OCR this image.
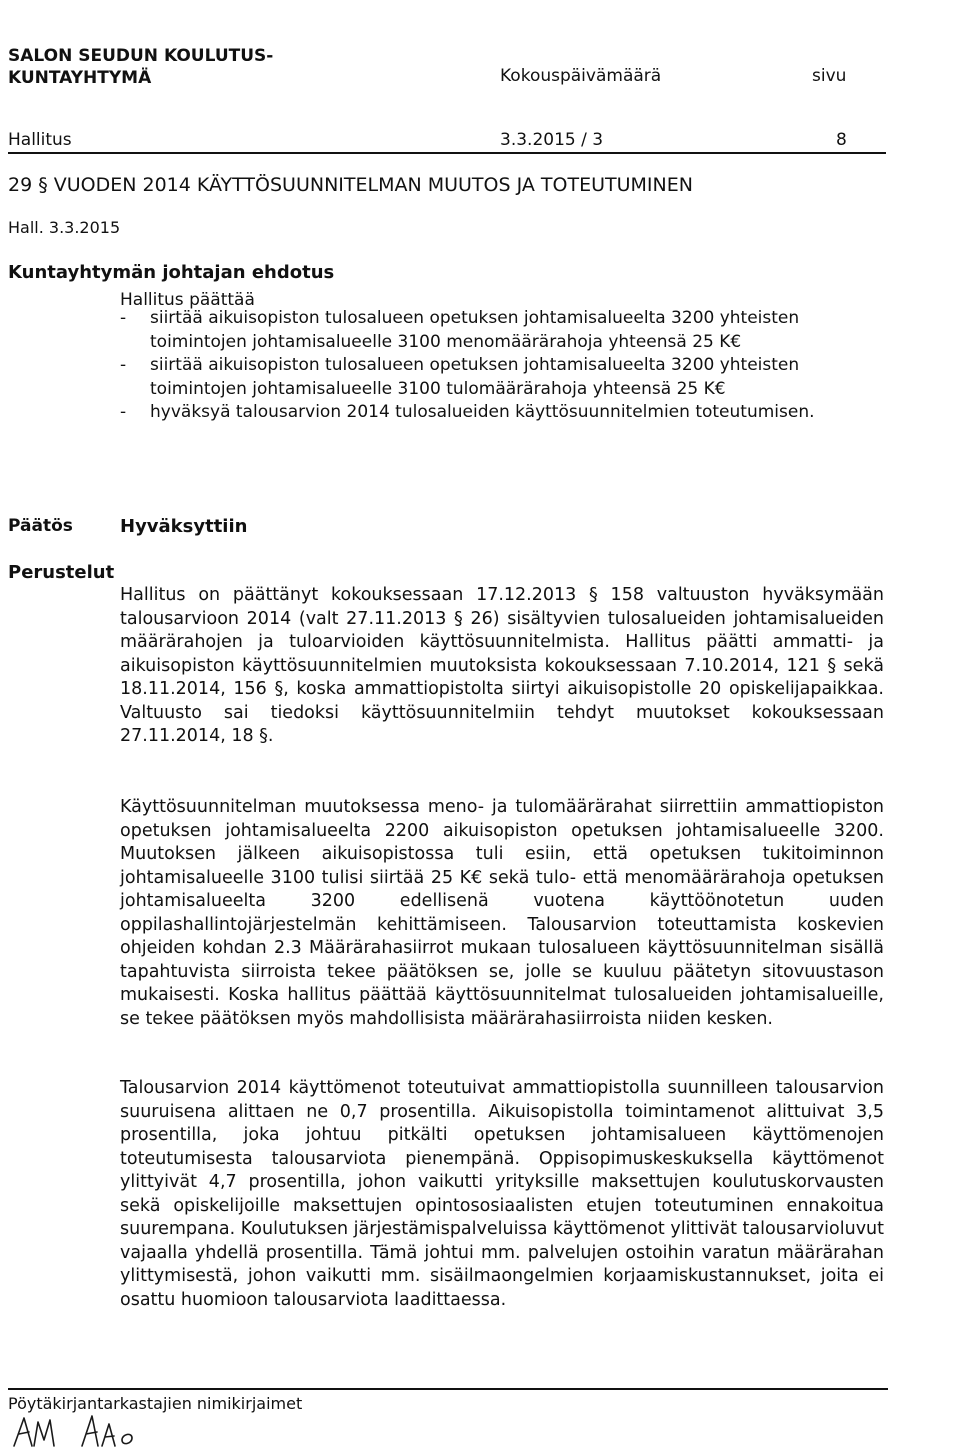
SALON SEUDUN KOULUTUS-
KUNTAYHTYMÄ	Kokouspäivämäärä	sivu
Hallitus	3.3.2015 / 3	8
29 § VUODEN 2014 KÄYTTÖSUUNNITELMAN MUUTOS JA TOTEUTUMINEN
Hall. 3.3.2015
Kuntayhtymän johtajan ehdotus
Hallitus päättää
- siirtää aikuisopiston tulosalueen opetuksen johtamisalueelta 3200 yhteisten toimintojen johtamisalueelle 3100 menomäärärahoja yhteensä 25 K€
- siirtää aikuisopiston tulosalueen opetuksen johtamisalueelta 3200 yhteisten toimintojen johtamisalueelle 3100 tulomäärärahoja yhteensä 25 K€
- hyväksyä talousarvion 2014 tulosalueiden käyttösuunnitelmien toteutumisen.
Päätös	Hyväksyttiin
Perustelut

Hallitus on päättänyt kokouksessaan 17.12.2013 § 158 valtuuston hyväksymään talousarvioon 2014 (valt 27.11.2013 § 26) sisältyvien tulosalueiden johtamisalueiden määrärahojen ja tuloarvioiden käyttösuunnitelmista. Hallitus päätti ammatti- ja aikuisopiston käyttösuunnitelmien muutoksista kokouksessaan 7.10.2014, 121 § sekä 18.11.2014, 156 §, koska ammattiopistolta siirtyi aikuisopistolle 20 opiskelijapaikkaa. Valtuusto sai tiedoksi käyttösuunnitelmiin tehdyt muutokset kokouksessaan 27.11.2014, 18 §.

Käyttösuunnitelman muutoksessa meno- ja tulomäärärahat siirrettiin ammattiopiston opetuksen johtamisalueelta 2200 aikuisopiston opetuksen johtamisalueelle 3200. Muutoksen jälkeen aikuisopistossa tuli esiin, että opetuksen tukitoiminnon johtamisalueelle 3100 tulisi siirtää 25 K€ sekä tulo- että menomäärärahoja opetuksen johtamisalueelta 3200 edellisenä vuotena käyttöönotetun uuden oppilashallintojärjestelmän kehittämiseen. Talousarvion toteuttamista koskevien ohjeiden kohdan 2.3 Määrärahasiirrot mukaan tulosalueen käyttösuunnitelman sisällä tapahtuvista siirroista tekee päätöksen se, jolle se kuuluu päätetyn sitovuustason mukaisesti. Koska hallitus päättää käyttösuunnitelmat tulosalueiden johtamisalueille, se tekee päätöksen myös mahdollisista määrärahasiirroista niiden kesken.

Talousarvion 2014 käyttömenot toteutuivat ammattiopistolla suunnilleen talousarvion suuruisena alittaen ne 0,7 prosentilla. Aikuisopistolla toimintamenot alittuivat 3,5 prosentilla, joka johtuu pitkälti opetuksen johtamisalueen käyttömenojen toteutumisesta talousarviota pienempänä. Oppisopimuskeskuksella käyttömenot ylittyivät 4,7 prosentilla, johon vaikutti yrityksille maksettujen koulutuskorvausten sekä opiskelijoille maksettujen opintososiaalisten etujen toteutuminen ennakoitua suurempana. Koulutuksen järjestämispalveluissa käyttömenot ylittivät talousarvioluvut vajaalla yhdellä prosentilla. Tämä johtui mm. palvelujen ostoihin varatun määrärahan ylittymisestä, johon vaikutti mm. sisäilmaongelmien korjaamiskustannukset, joita ei osattu huomioon talousarviota laadittaessa.

Pöytäkirjantarkastajien nimikirjaimet
